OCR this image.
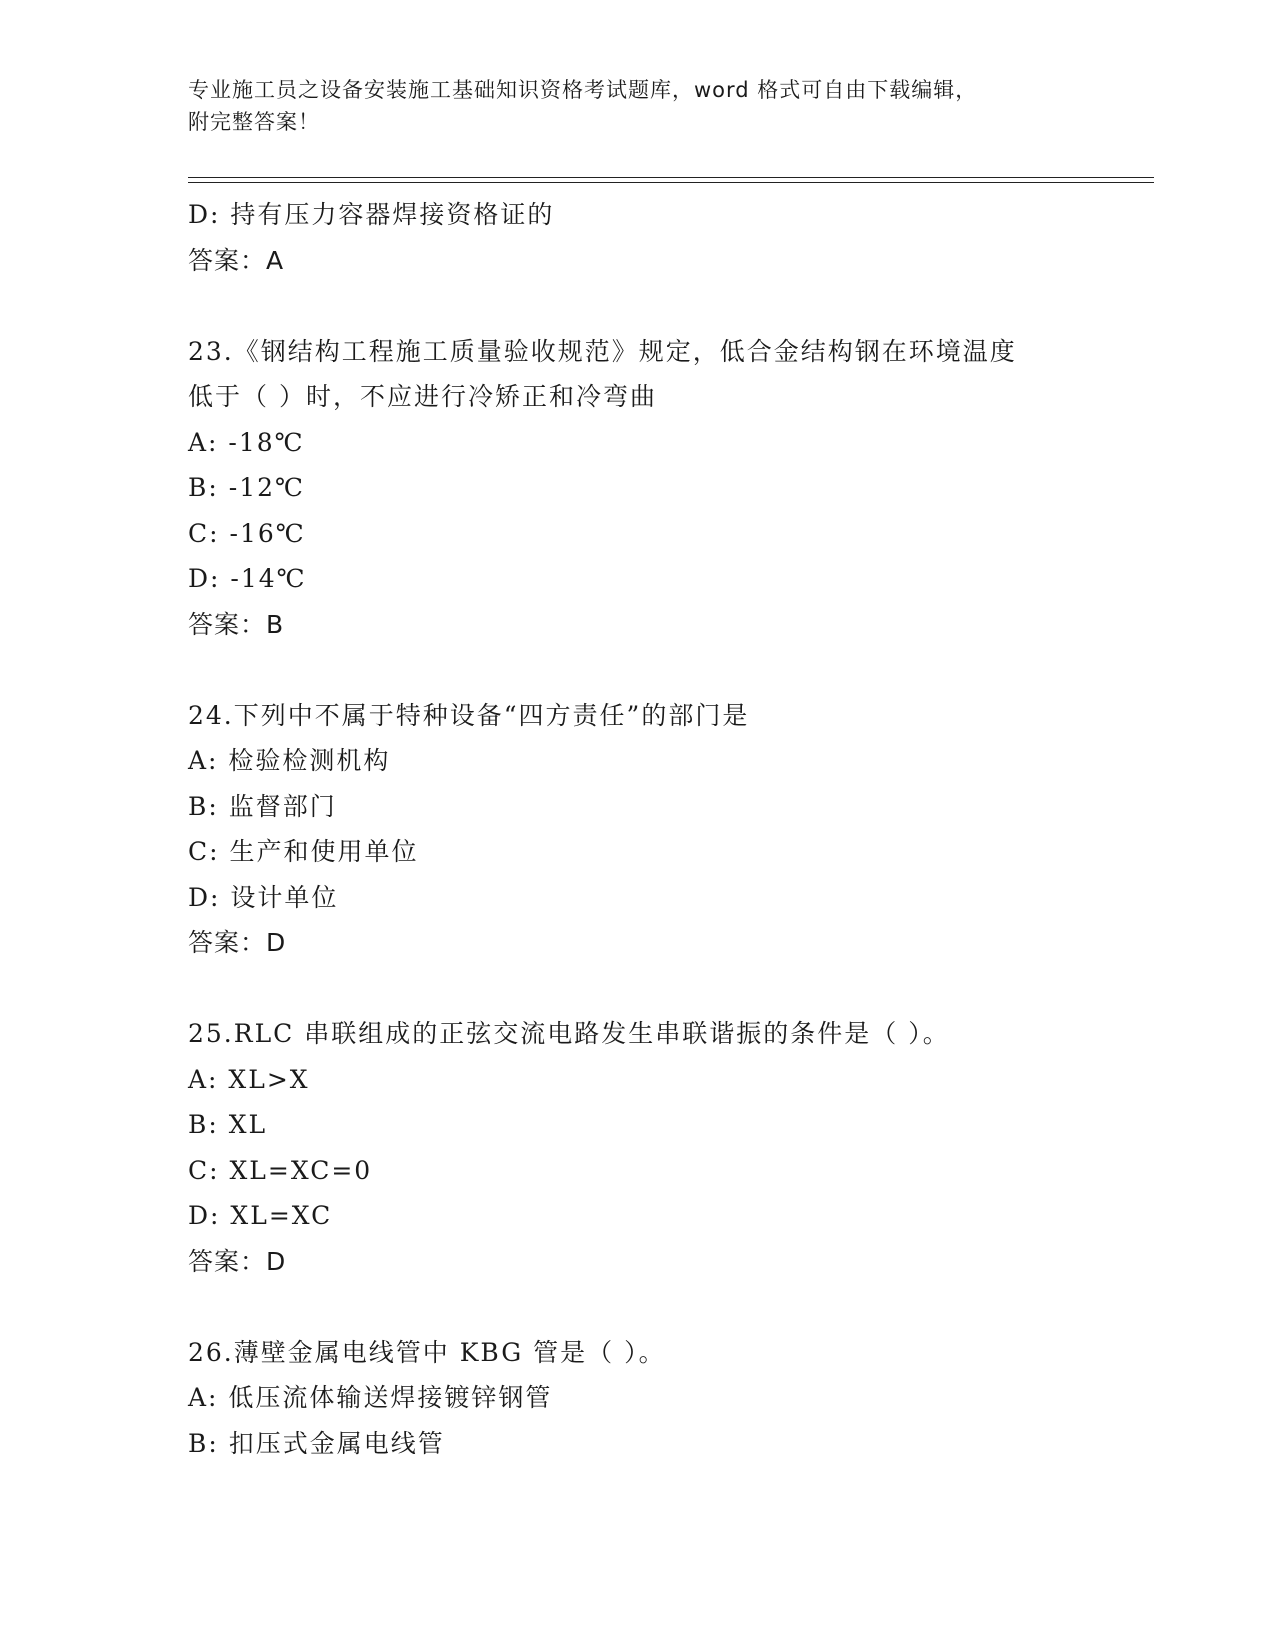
专业施工员之设备安装施工基础知识资格考试题库，word 格式可自由下载编辑，
附完整答案！
D: 持有压力容器焊接资格证的
答案：A
23.《钢结构工程施工质量验收规范》规定，低合金结构钢在环境温度
低于（ ）时，不应进行冷矫正和冷弯曲
A: -18℃
B: -12℃
C: -16℃
D: -14℃
答案：B
24.下列中不属于特种设备“四方责任”的部门是
A: 检验检测机构
B: 监督部门
C: 生产和使用单位
D: 设计单位
答案：D
25.RLC 串联组成的正弦交流电路发生串联谐振的条件是（ ）。
A: XL>X
B: XL
C: XL=XC=0
D: XL=XC
答案：D
26.薄壁金属电线管中 KBG 管是（ ）。
A: 低压流体输送焊接镀锌钢管
B: 扣压式金属电线管
